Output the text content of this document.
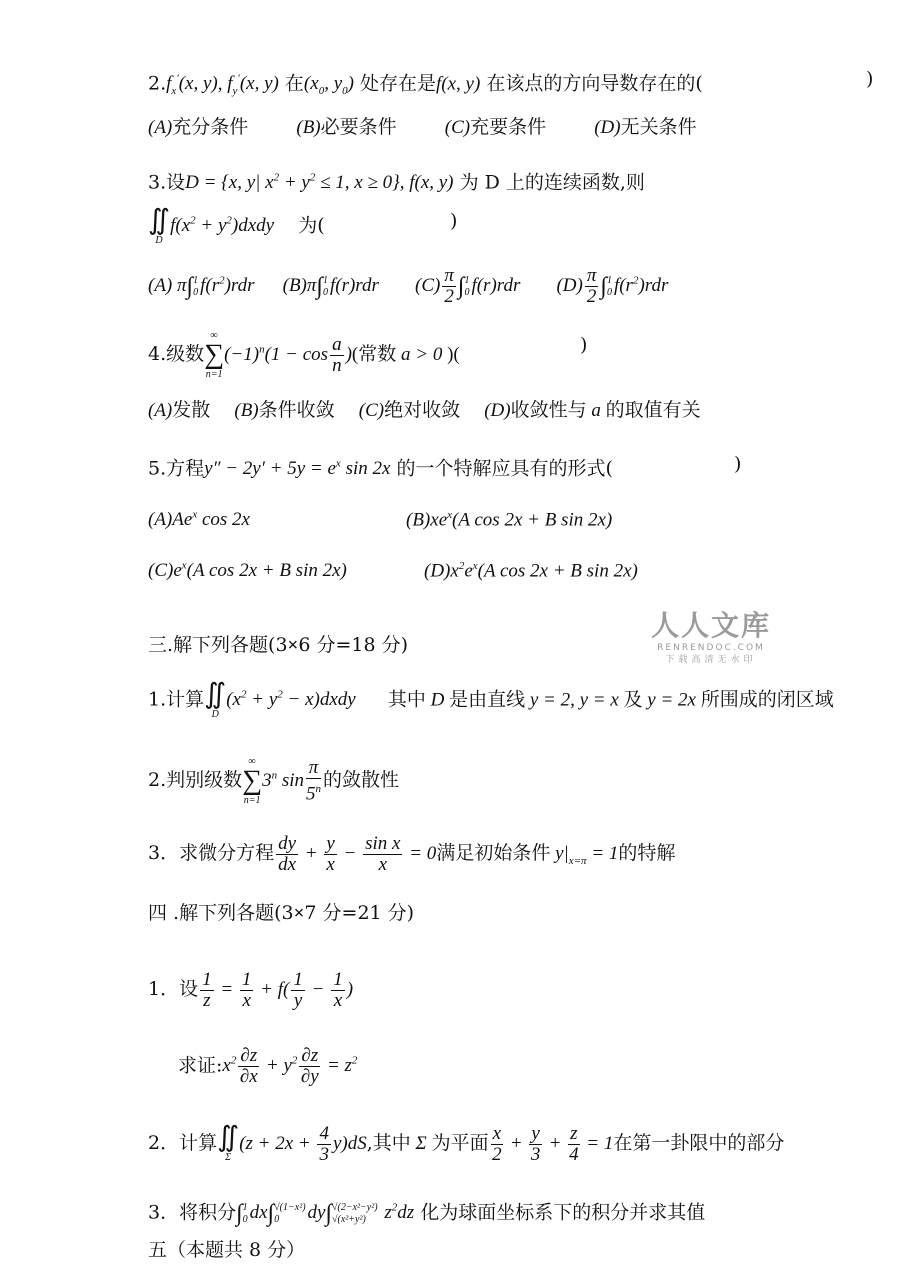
$2.f_x'(x$, y), $f_y'(x$, y) 在($x_0$, $y_0$) 处存在是f(x, y) 在该点的方向导数存在的(	)
(A)充分条件	(B)必要条件	(C)充要条件	(D)无关条件
3.设D = {x, y| $x^2 + y^2 \le 1$, x ≥ 0}, f(x, y) 为 D 上的连续函数,则
∬
D
$f(x^2$ + $y^2)dxdy$ 为(	)
(A) π∫ 1
0 $f(r^2)rdr$ (B)π∫ 1
0 f(r)rdr $(C) \frac{\pi}{2}$ ∫ 1
0 f(r)rdr $(D) \frac{\pi}{2}$ ∫ 1
0 $f(r^2)rdr$
4.级数
∞
∑
n=1
$(-1)^n(1 - \cos \frac{a}{n}$ )(常数 a > 0 )(	)
(A)发散 (B)条件收敛 (C)绝对收敛 (D)收敛性与 a 的取值有关
5.方程$y'' - 2y' + 5y = e^x$ sin 2x 的一个特解应具有的形式(	)
(A)Ae$^x$ cos 2x	$(B)xe^x(A$ cos 2x + B sin 2x)
$(C)e^x(A$ cos 2x + B sin 2x)	$(D)x^2e^x(A$ cos 2x + B sin 2x)
人人文库
RENRENDOC.COM
下载高清无水印
三.解下列各题(3×6 分=18 分)
1.计算 ∬
D
($x^2 + y^2$ − x)dxdy 其中 D 是由直线 y = 2, y = x 及 y = 2x 所围成的闭区域
2.判别级数
∞
∑
n=1
3$^n$ $\sin \frac{\pi}{5^n}$ 的敛散性
3．求微分方程 $\frac{dy}{dx} + \frac{y}{x} - \frac{\text{sin x}}{x} = 0$满足初始条件 $y|_{x=\pi} = 1$的特解
四 .解下列各题(3×7 分=21 分)
1．设 $\frac{1}{z} = \frac{1}{x} + f( \frac{1}{y} - \frac{1}{x}$ )
求证$:x^2 \frac{\partial z}{\partial x} + y^2 \frac{\partial z}{\partial y} = z^2$
2．计算 ∬
Σ
$(z + 2x + \frac{4}{3} y)dS$,其中 Σ 为平面 $\frac{x}{2} + \frac{y}{3} + \frac{z}{4} = 1$在第一卦限中的部分
3．将积分∫ 1
0 dx∫ √(1−x²)
0	dy∫ √(2−x²−y²)
√(x²+y²) $z^2dz$ 化为球面坐标系下的积分并求其值
五（本题共 8 分）
